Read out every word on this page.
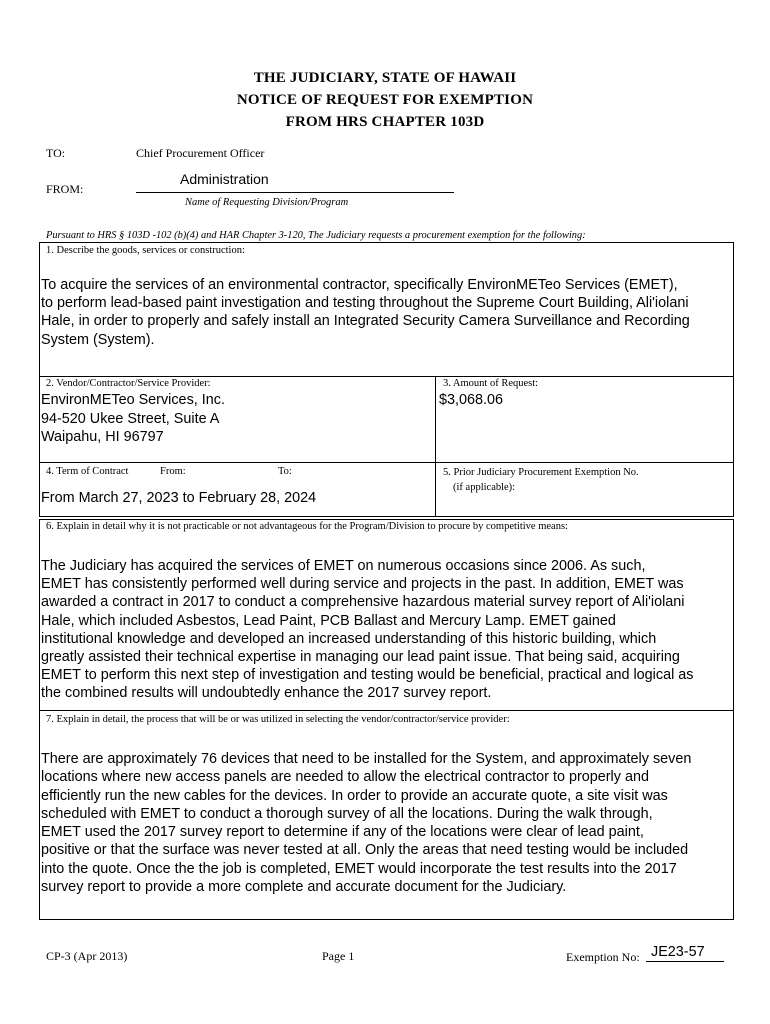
THE JUDICIARY, STATE OF HAWAII
NOTICE OF REQUEST FOR EXEMPTION
FROM HRS CHAPTER 103D
TO:	Chief Procurement Officer
FROM:
Administration
Name of Requesting Division/Program
Pursuant to HRS § 103D -102 (b)(4) and HAR Chapter 3-120, The Judiciary requests a procurement exemption for the following:
1. Describe the goods, services or construction:
To acquire the services of an environmental contractor, specifically EnvironMETeo Services (EMET),
to perform lead-based paint investigation and testing throughout the Supreme Court Building, Ali'iolani
Hale, in order to properly and safely install an Integrated Security Camera Surveillance and Recording
System (System).
2. Vendor/Contractor/Service Provider:
EnvironMETeo Services, Inc.
94-520 Ukee Street, Suite A
Waipahu, HI 96797
3. Amount of Request:
$3,068.06
4. Term of Contract	From:	To:
From March 27, 2023 to February 28, 2024
5. Prior Judiciary Procurement Exemption No.
(if applicable):
6. Explain in detail why it is not practicable or not advantageous for the Program/Division to procure by competitive means:
The Judiciary has acquired the services of EMET on numerous occasions since 2006. As such,
EMET has consistently performed well during service and projects in the past. In addition, EMET was
awarded a contract in 2017 to conduct a comprehensive hazardous material survey report of Ali'iolani
Hale, which included Asbestos, Lead Paint, PCB Ballast and Mercury Lamp. EMET gained
institutional knowledge and developed an increased understanding of this historic building, which
greatly assisted their technical expertise in managing our lead paint issue. That being said, acquiring
EMET to perform this next step of investigation and testing would be beneficial, practical and logical as
the combined results will undoubtedly enhance the 2017 survey report.
7. Explain in detail, the process that will be or was utilized in selecting the vendor/contractor/service provider:
There are approximately 76 devices that need to be installed for the System, and approximately seven
locations where new access panels are needed to allow the electrical contractor to properly and
efficiently run the new cables for the devices. In order to provide an accurate quote, a site visit was
scheduled with EMET to conduct a thorough survey of all the locations. During the walk through,
EMET used the 2017 survey report to determine if any of the locations were clear of lead paint,
positive or that the surface was never tested at all. Only the areas that need testing would be included
into the quote. Once the the job is completed, EMET would incorporate the test results into the 2017
survey report to provide a more complete and accurate document for the Judiciary.
CP-3 (Apr 2013)	Page 1	Exemption No: JE23-57
